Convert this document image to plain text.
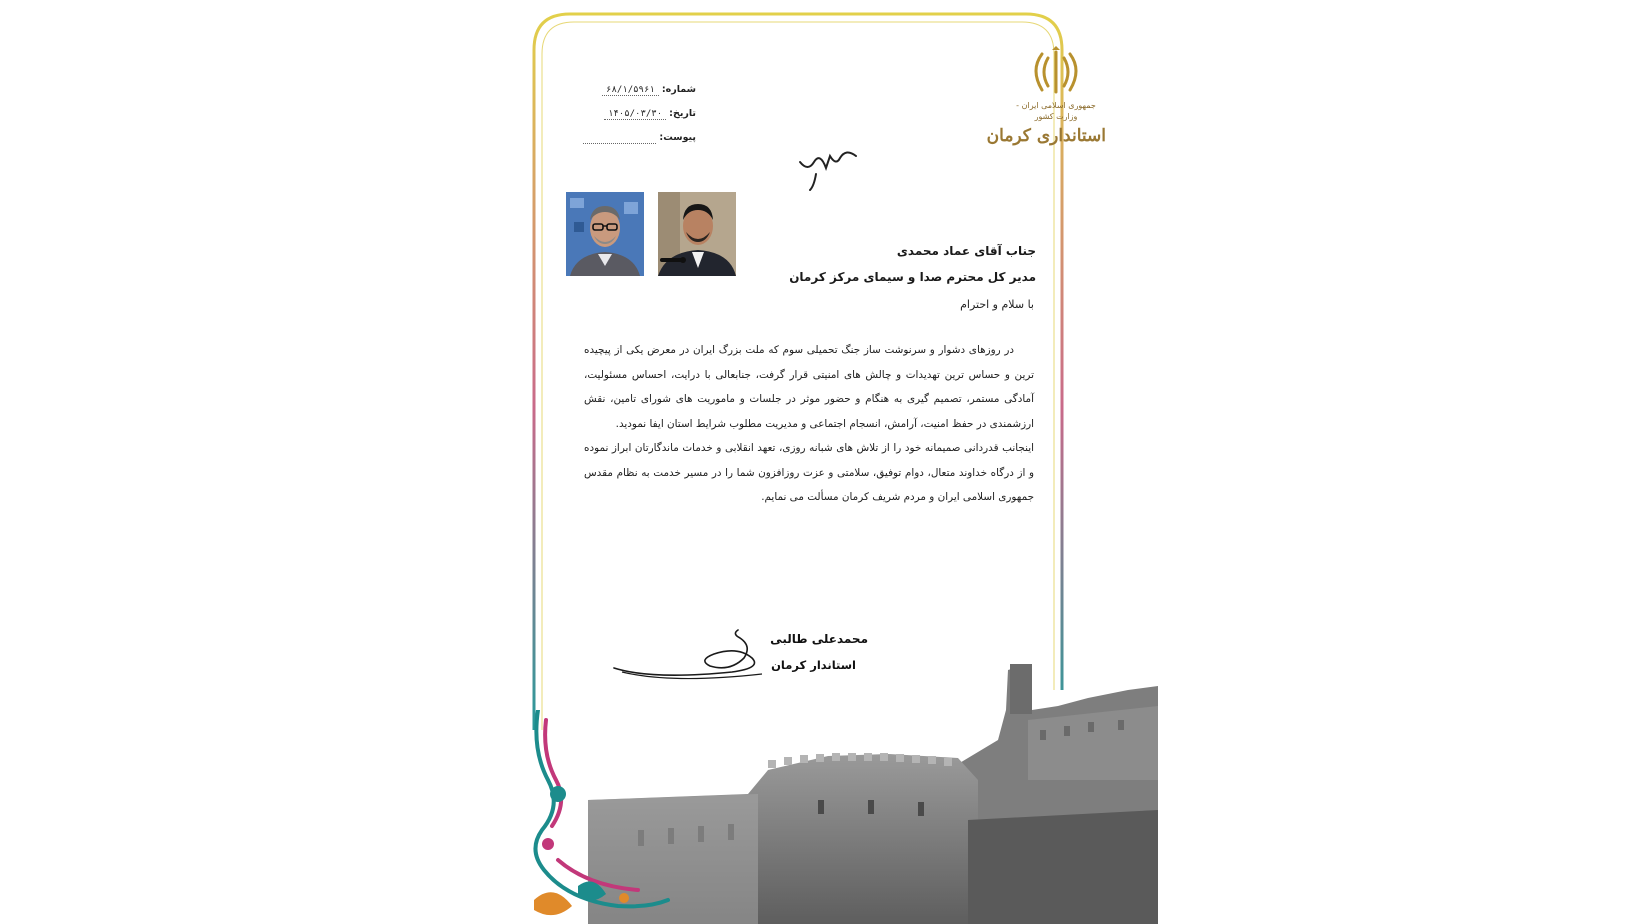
جمهوری اسلامی ایران - وزارت کشور
استانداری کرمان
شماره: ۶۸/۱/۵۹۶۱
تاریخ: ۱۴۰۵/۰۳/۳۰
پیوست:
جناب آقای عماد محمدی
مدیر کل محترم صدا و سیمای مرکز کرمان
با سلام و احترام

در روزهای دشوار و سرنوشت ساز جنگ تحمیلی سوم که ملت بزرگ ایران در معرض یکی از پیچیده ترین و حساس ترین تهدیدات و چالش های امنیتی قرار گرفت، جنابعالی با درایت، احساس مسئولیت، آمادگی مستمر، تصمیم گیری به هنگام و حضور موثر در جلسات و ماموریت های شورای تامین، نقش ارزشمندی در حفظ امنیت، آرامش، انسجام اجتماعی و مدیریت مطلوب شرایط استان ایفا نمودید.

اینجانب قدردانی صمیمانه خود را از تلاش های شبانه روزی، تعهد انقلابی و خدمات ماندگارتان ابراز نموده و از درگاه خداوند متعال، دوام توفیق، سلامتی و عزت روزافزون شما را در مسیر خدمت به نظام مقدس جمهوری اسلامی ایران و مردم شریف کرمان مسألت می نمایم.

محمدعلی طالبی
استاندار کرمان
